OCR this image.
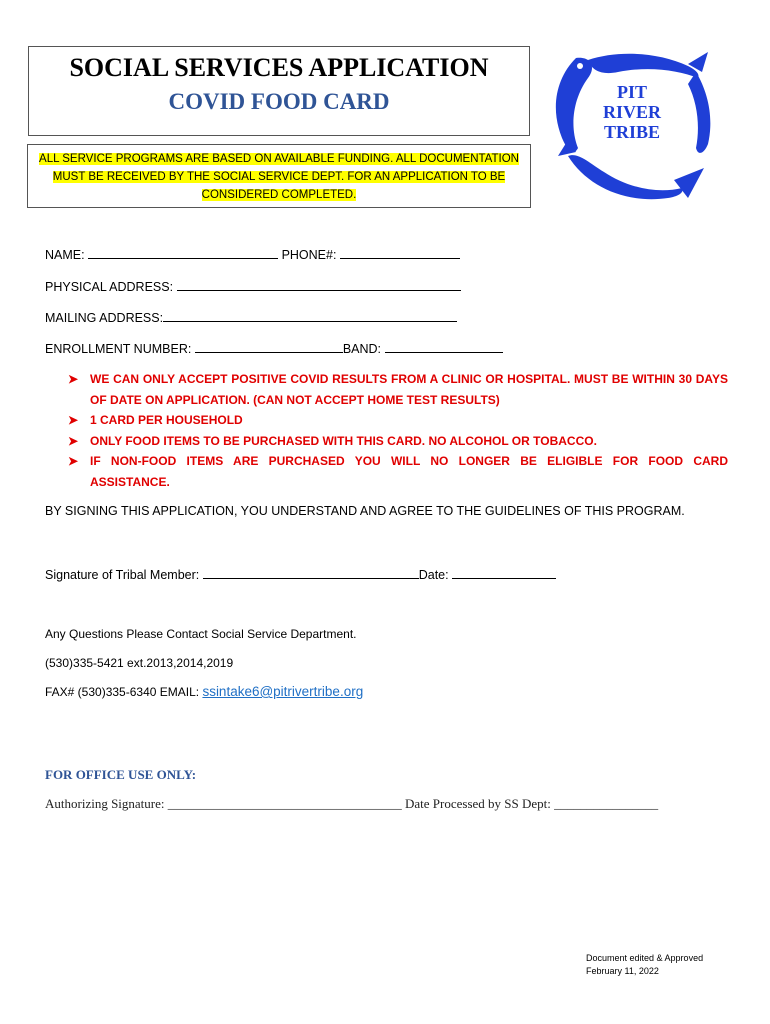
SOCIAL SERVICES APPLICATION
COVID FOOD CARD
ALL SERVICE PROGRAMS ARE BASED ON AVAILABLE FUNDING. ALL DOCUMENTATION
MUST BE RECEIVED BY THE SOCIAL SERVICE DEPT. FOR AN APPLICATION TO BE
CONSIDERED COMPLETED.
PIT
RIVER
TRIBE
NAME:	PHONE#:
PHYSICAL ADDRESS:
MAILING ADDRESS:
ENROLLMENT NUMBER:	BAND:
➤ WE CAN ONLY ACCEPT POSITIVE COVID RESULTS FROM A CLINIC OR HOSPITAL. MUST BE WITHIN 30 DAYS OF DATE ON APPLICATION. (CAN NOT ACCEPT HOME TEST RESULTS)
➤ 1 CARD PER HOUSEHOLD
➤ ONLY FOOD ITEMS TO BE PURCHASED WITH THIS CARD. NO ALCOHOL OR TOBACCO.
➤ IF NON-FOOD ITEMS ARE PURCHASED YOU WILL NO LONGER BE ELIGIBLE FOR FOOD CARD ASSISTANCE.
BY SIGNING THIS APPLICATION, YOU UNDERSTAND AND AGREE TO THE GUIDELINES OF THIS PROGRAM.
Signature of Tribal Member:	Date:
Any Questions Please Contact Social Service Department.
(530)335-5421 ext.2013,2014,2019
FAX# (530)335-6340 EMAIL: ssintake6@pitrivertribe.org
FOR OFFICE USE ONLY:
Authorizing Signature: ____________________________________ Date Processed by SS Dept: ________________
Document edited & Approved
February 11, 2022
